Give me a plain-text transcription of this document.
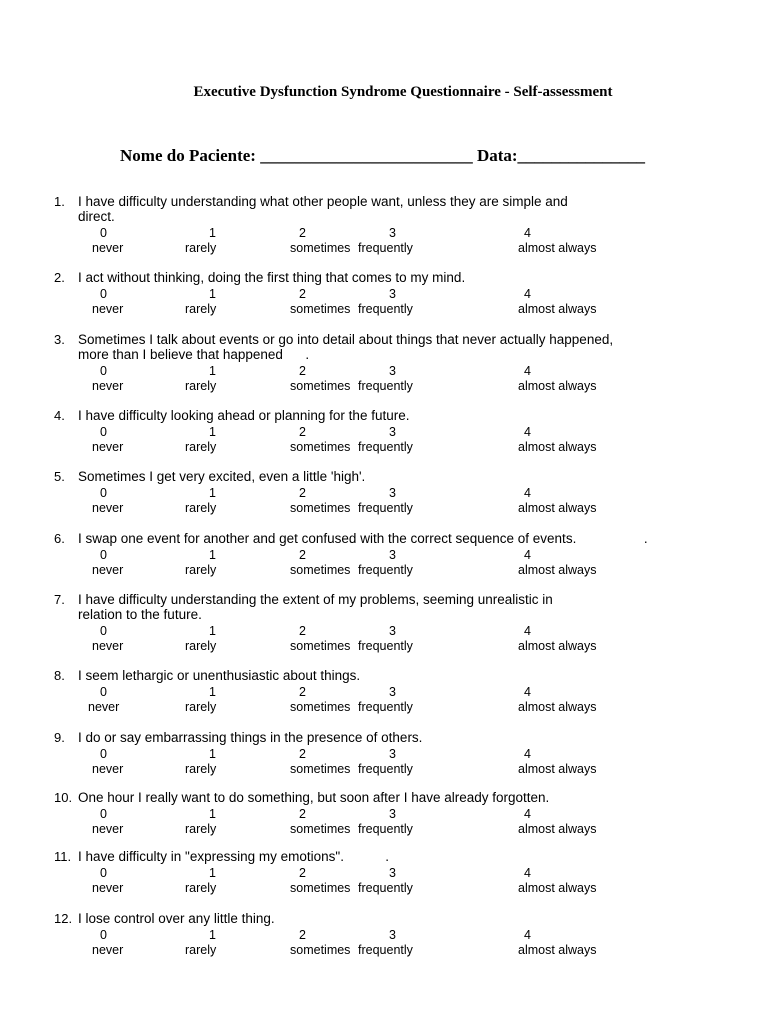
Executive Dysfunction Syndrome Questionnaire - Self-assessment
Nome do Paciente: _________________________ Data:_______________
1. I have difficulty understanding what other people want, unless they are simple and
direct.
0	1	2	3	4
never	rarely	sometimes frequently	almost always
2. I act without thinking, doing the first thing that comes to my mind.
0	1	2	3	4
never	rarely	sometimes frequently	almost always
3. Sometimes I talk about events or go into detail about things that never actually happened,
more than I believe that happened      .
0	1	2	3	4
never	rarely	sometimes frequently	almost always
4. I have difficulty looking ahead or planning for the future.
0	1	2	3	4
never	rarely	sometimes frequently	almost always
5. Sometimes I get very excited, even a little 'high'.
0	1	2	3	4
never	rarely	sometimes frequently	almost always
6. I swap one event for another and get confused with the correct sequence of events.                  .
0	1	2	3	4
never	rarely	sometimes frequently	almost always
7. I have difficulty understanding the extent of my problems, seeming unrealistic in
relation to the future.
0	1	2	3	4
never	rarely	sometimes frequently	almost always
8. I seem lethargic or unenthusiastic about things.
0	1	2	3	4
never	rarely	sometimes frequently	almost always
9. I do or say embarrassing things in the presence of others.
0	1	2	3	4
never	rarely	sometimes frequently	almost always
10. One hour I really want to do something, but soon after I have already forgotten.
0	1	2	3	4
never	rarely	sometimes frequently	almost always
11. I have difficulty in "expressing my emotions".           .
0	1	2	3	4
never	rarely	sometimes frequently	almost always
12. I lose control over any little thing.
0	1	2	3	4
never	rarely	sometimes frequently	almost always
